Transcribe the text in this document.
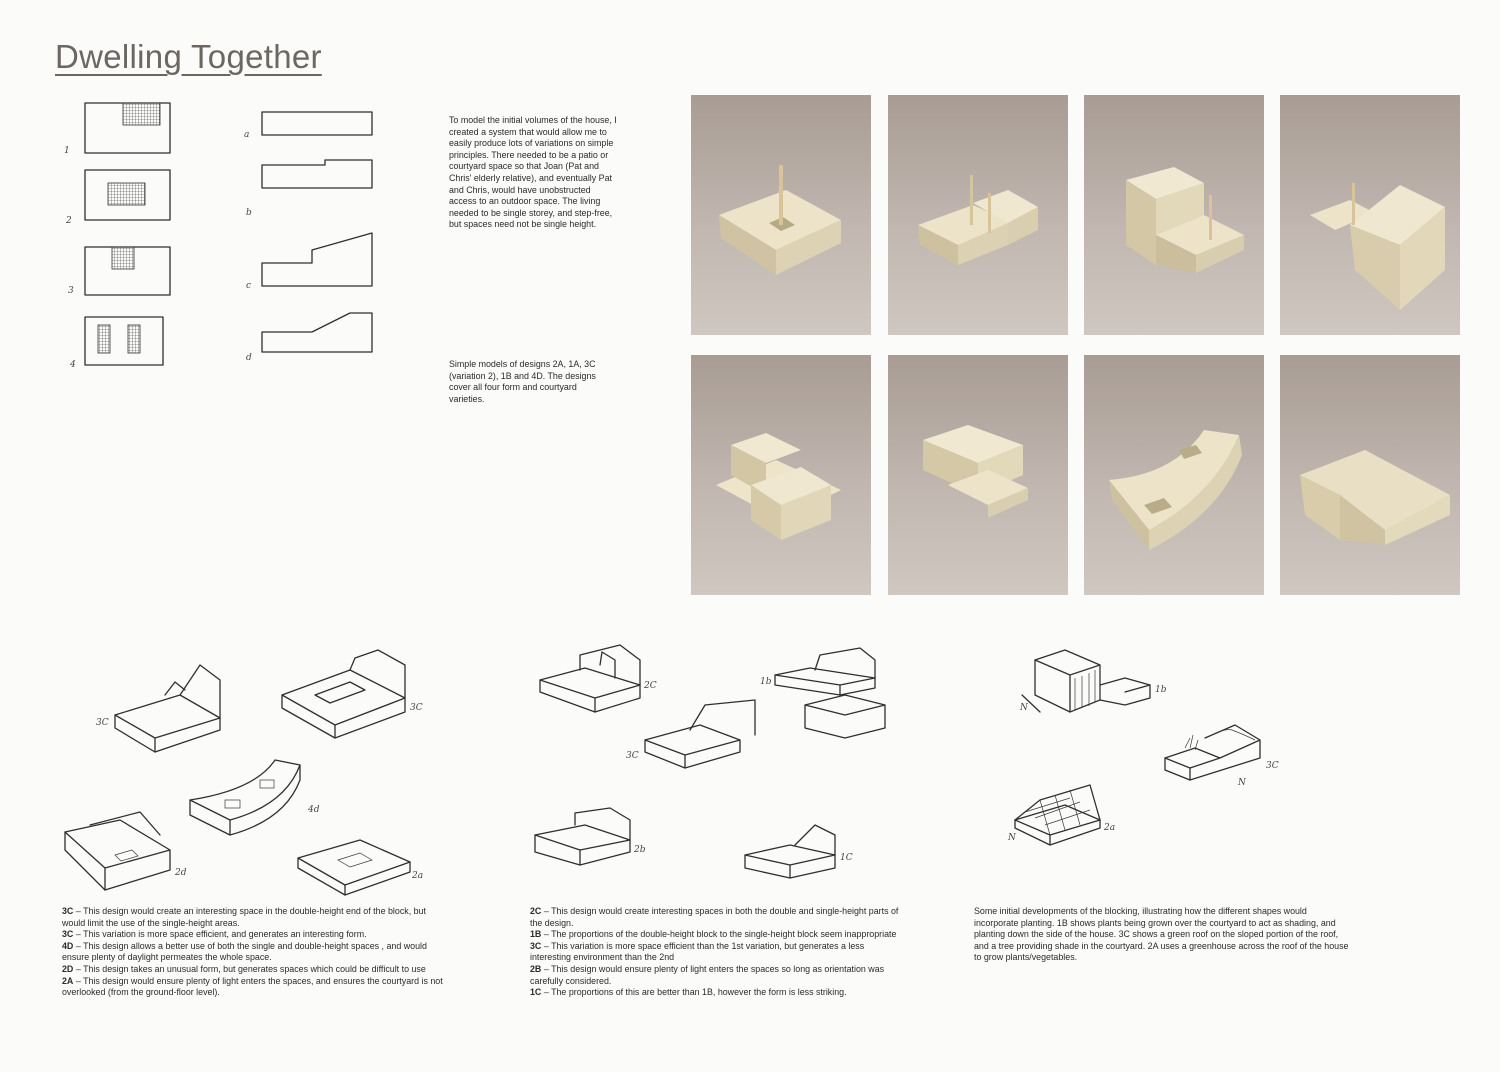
Dwelling Together
1
2
3
4
a
b
c
d
To model the initial volumes of the house, I created a system that would allow me to easily produce lots of variations on simple principles. There needed to be a patio or courtyard space so that Joan (Pat and Chris' elderly relative), and eventually Pat and Chris, would have unobstructed access to an outdoor space. The living needed to be single storey, and step-free, but spaces need not be single height.
Simple models of designs 2A, 1A, 3C (variation 2), 1B and 4D. The designs cover all four form and courtyard varieties.
3C
3C
4d
2d	2a
2C	1b
3C
2b
1C
1b
N
3C
N
2a
N

3C – This design would create an interesting space in the double-height end of the block, but would limit the use of the single-height areas.

3C – This variation is more space efficient, and generates an interesting form.

4D – This design allows a better use of both the single and double-height spaces , and would ensure plenty of daylight permeates the whole space.

2D – This design takes an unusual form, but generates spaces which could be difficult to use

2A – This design would ensure plenty of light enters the spaces, and ensures the courtyard is not overlooked (from the ground-floor level).

2C – This design would create interesting spaces in both the double and single-height parts of the design.

1B – The proportions of the double-height block to the single-height block seem inappropriate

3C – This variation is more space efficient than the 1st variation, but generates a less interesting environment than the 2nd

2B – This design would ensure plenty of light enters the spaces so long as orientation was carefully considered.

1C – The proportions of this are better than 1B, however the form is less striking.

Some initial developments of the blocking, illustrating how the different shapes would incorporate planting. 1B shows plants being grown over the courtyard to act as shading, and planting down the side of the house. 3C shows a green roof on the sloped portion of the roof, and a tree providing shade in the courtyard. 2A uses a greenhouse across the roof of the house to grow plants/vegetables.
